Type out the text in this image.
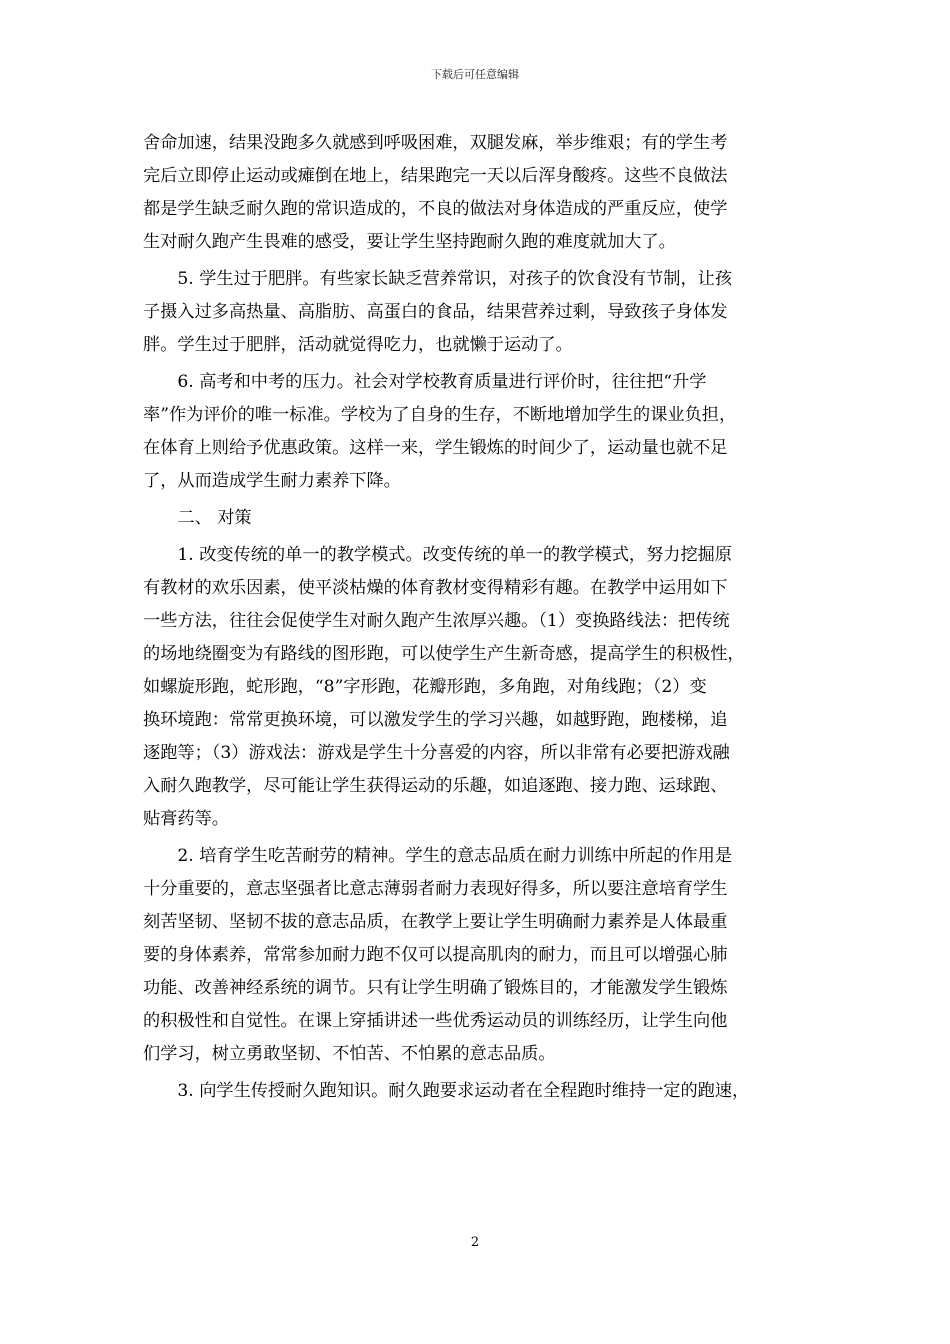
下载后可任意编辑
舍命加速，结果没跑多久就感到呼吸困难，双腿发麻，举步维艰；有的学生考
完后立即停止运动或瘫倒在地上，结果跑完一天以后浑身酸疼。这些不良做法
都是学生缺乏耐久跑的常识造成的，不良的做法对身体造成的严重反应，使学
生对耐久跑产生畏难的感受，要让学生坚持跑耐久跑的难度就加大了。
　　5. 学生过于肥胖。有些家长缺乏营养常识，对孩子的饮食没有节制，让孩
子摄入过多高热量、高脂肪、高蛋白的食品，结果营养过剩，导致孩子身体发
胖。学生过于肥胖，活动就觉得吃力，也就懒于运动了。
　　6. 高考和中考的压力。社会对学校教育质量进行评价时，往往把“升学
率”作为评价的唯一标准。学校为了自身的生存，不断地增加学生的课业负担，
在体育上则给予优惠政策。这样一来，学生锻炼的时间少了，运动量也就不足
了，从而造成学生耐力素养下降。
　　二、 对策
　　1. 改变传统的单一的教学模式。改变传统的单一的教学模式，努力挖掘原
有教材的欢乐因素，使平淡枯燥的体育教材变得精彩有趣。在教学中运用如下
一些方法，往往会促使学生对耐久跑产生浓厚兴趣。（1）变换路线法：把传统
的场地绕圈变为有路线的图形跑，可以使学生产生新奇感，提高学生的积极性，
如螺旋形跑，蛇形跑，“8”字形跑，花瓣形跑，多角跑，对角线跑；（2）变
换环境跑：常常更换环境，可以激发学生的学习兴趣，如越野跑，跑楼梯，追
逐跑等；（3）游戏法：游戏是学生十分喜爱的内容，所以非常有必要把游戏融
入耐久跑教学，尽可能让学生获得运动的乐趣，如追逐跑、接力跑、运球跑、
贴膏药等。
　　2. 培育学生吃苦耐劳的精神。学生的意志品质在耐力训练中所起的作用是
十分重要的，意志坚强者比意志薄弱者耐力表现好得多，所以要注意培育学生
刻苦坚韧、坚韧不拔的意志品质，在教学上要让学生明确耐力素养是人体最重
要的身体素养，常常参加耐力跑不仅可以提高肌肉的耐力，而且可以增强心肺
功能、改善神经系统的调节。只有让学生明确了锻炼目的，才能激发学生锻炼
的积极性和自觉性。在课上穿插讲述一些优秀运动员的训练经历，让学生向他
们学习，树立勇敢坚韧、不怕苦、不怕累的意志品质。
　　3. 向学生传授耐久跑知识。耐久跑要求运动者在全程跑时维持一定的跑速，
2
